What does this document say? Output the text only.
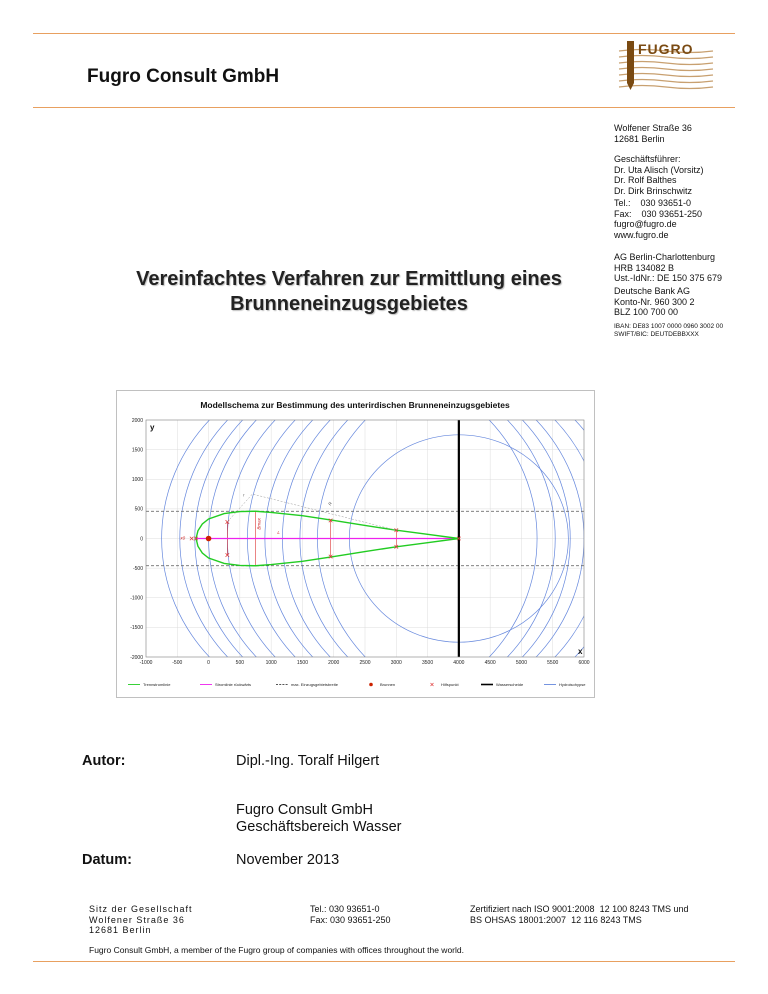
Fugro Consult GmbH
FUGRO
Wolfener Straße 36
12681 Berlin
Geschäftsführer:
Dr. Uta Alisch (Vorsitz)
Dr. Rolf Balthes
Dr. Dirk Brinschwitz
Tel.:    030 93651-0
Fax:    030 93651-250
fugro@fugro.de
www.fugro.de
AG Berlin-Charlottenburg
HRB 134082 B
Ust.-IdNr.: DE 150 375 679
Deutsche Bank AG
Konto-Nr. 960 300 2
BLZ 100 700 00
IBAN: DE83 1007 0000 0960 3002 00
SWIFT/BIC: DEUTDEBBXXX
Vereinfachtes Verfahren zur Ermittlung eines Brunneneinzugsgebietes
Modellschema zur Bestimmung des unterirdischen Brunneneinzugsgebietes
-1000	-500	0	500	1000	1500	2000	2500	3000	3500	4000	4500	5000	5500	6000
2000
1500
1000
500
0
-500
-1000
-1500
-2000
y
x
Bmax
L
r
R
x0
Trennstromlinie	Stromlinie rückwärts	max. Einzugsgebietsbreite	Brunnen	Hilfspunkt	Wasserscheide	Hydroisohypse
Autor:	Dipl.-Ing. Toralf Hilgert
Fugro Consult GmbH
Geschäftsbereich Wasser
Datum:	November 2013
Sitz der Gesellschaft
Wolfener Straße 36
12681 Berlin
Tel.: 030 93651-0
Fax: 030 93651-250
Zertifiziert nach ISO 9001:2008  12 100 8243 TMS und
BS OHSAS 18001:2007  12 116 8243 TMS
Fugro Consult GmbH, a member of the Fugro group of companies with offices throughout the world.
